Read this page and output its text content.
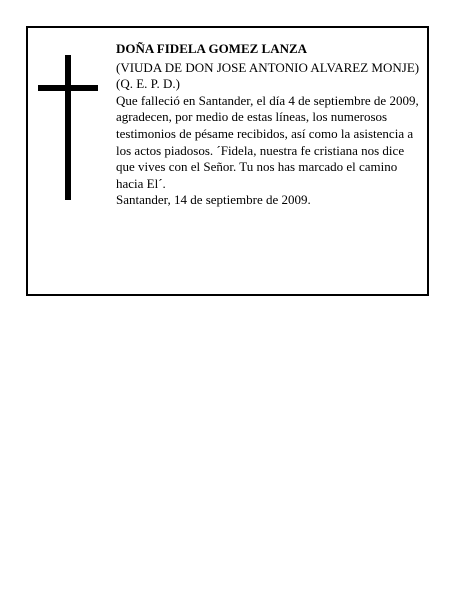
DOÑA FIDELA GOMEZ LANZA

(VIUDA DE DON JOSE ANTONIO ALVAREZ MONJE)

(Q. E. P. D.)

Que falleció en Santander, el día 4 de septiembre de 2009,

agradecen, por medio de estas líneas, los numerosos testimonios de pésame recibidos, así como la asistencia a los actos piadosos. ´Fidela, nuestra fe cristiana nos dice que vives con el Señor. Tu nos has marcado el camino hacia El´.

Santander, 14 de septiembre de 2009.
